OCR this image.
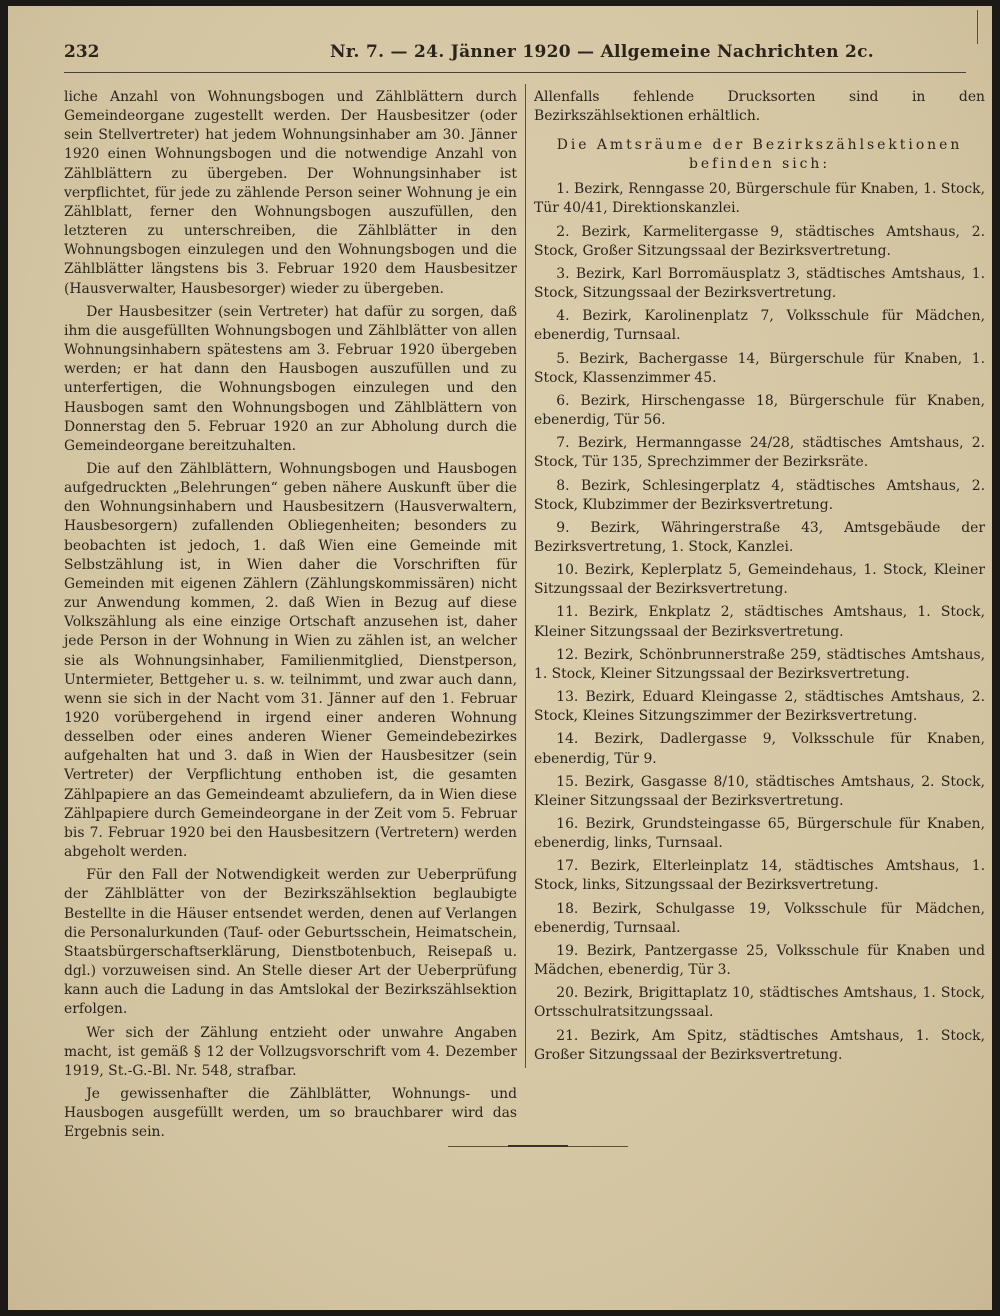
232	Nr. 7. — 24. Jänner 1920 — Allgemeine Nachrichten 2c.

liche Anzahl von Wohnungsbogen und Zählblättern durch Gemeindeorgane zugestellt werden. Der Hausbesitzer (oder sein Stellvertreter) hat jedem Wohnungsinhaber am 30. Jänner 1920 einen Wohnungsbogen und die notwendige Anzahl von Zählblättern zu übergeben. Der Wohnungsinhaber ist verpflichtet, für jede zu zählende Person seiner Wohnung je ein Zählblatt, ferner den Wohnungsbogen auszufüllen, den letzteren zu unterschreiben, die Zählblätter in den Wohnungsbogen einzulegen und den Wohnungsbogen und die Zählblätter längstens bis 3. Februar 1920 dem Hausbesitzer (Hausverwalter, Hausbesorger) wieder zu übergeben.

Der Hausbesitzer (sein Vertreter) hat dafür zu sorgen, daß ihm die ausgefüllten Wohnungsbogen und Zählblätter von allen Wohnungsinhabern spätestens am 3. Februar 1920 übergeben werden; er hat dann den Hausbogen auszufüllen und zu unterfertigen, die Wohnungsbogen einzulegen und den Hausbogen samt den Wohnungsbogen und Zählblättern von Donnerstag den 5. Februar 1920 an zur Abholung durch die Gemeindeorgane bereitzuhalten.

Die auf den Zählblättern, Wohnungsbogen und Hausbogen aufgedruckten „Belehrungen“ geben nähere Auskunft über die den Wohnungsinhabern und Hausbesitzern (Hausverwaltern, Hausbesorgern) zufallenden Obliegenheiten; besonders zu beobachten ist jedoch, 1. daß Wien eine Gemeinde mit Selbstzählung ist, in Wien daher die Vorschriften für Gemeinden mit eigenen Zählern (Zählungskommissären) nicht zur Anwendung kommen, 2. daß Wien in Bezug auf diese Volkszählung als eine einzige Ortschaft anzusehen ist, daher jede Person in der Wohnung in Wien zu zählen ist, an welcher sie als Wohnungsinhaber, Familienmitglied, Dienstperson, Untermieter, Bettgeher u. s. w. teilnimmt, und zwar auch dann, wenn sie sich in der Nacht vom 31. Jänner auf den 1. Februar 1920 vorübergehend in irgend einer anderen Wohnung desselben oder eines anderen Wiener Gemeindebezirkes aufgehalten hat und 3. daß in Wien der Hausbesitzer (sein Vertreter) der Verpflichtung enthoben ist, die gesamten Zählpapiere an das Gemeindeamt abzuliefern, da in Wien diese Zählpapiere durch Gemeindeorgane in der Zeit vom 5. Februar bis 7. Februar 1920 bei den Hausbesitzern (Vertretern) werden abgeholt werden.

Für den Fall der Notwendigkeit werden zur Ueberprüfung der Zählblätter von der Bezirkszählsektion beglaubigte Bestellte in die Häuser entsendet werden, denen auf Verlangen die Personalurkunden (Tauf- oder Geburtsschein, Heimatschein, Staatsbürgerschaftserklärung, Dienstbotenbuch, Reisepaß u. dgl.) vorzuweisen sind. An Stelle dieser Art der Ueberprüfung kann auch die Ladung in das Amtslokal der Bezirkszählsektion erfolgen.

Wer sich der Zählung entzieht oder unwahre Angaben macht, ist gemäß § 12 der Vollzugsvorschrift vom 4. Dezember 1919, St.-G.-Bl. Nr. 548, strafbar.

Je gewissenhafter die Zählblätter, Wohnungs- und Hausbogen ausgefüllt werden, um so brauchbarer wird das Ergebnis sein.

Allenfalls fehlende Drucksorten sind in den Bezirkszählsektionen erhältlich.

Die Amtsräume der Bezirkszählsektionen befinden sich:

1. Bezirk, Renngasse 20, Bürgerschule für Knaben, 1. Stock, Tür 40/41, Direktionskanzlei.

2. Bezirk, Karmelitergasse 9, städtisches Amtshaus, 2. Stock, Großer Sitzungssaal der Bezirksvertretung.

3. Bezirk, Karl Borromäusplatz 3, städtisches Amtshaus, 1. Stock, Sitzungssaal der Bezirksvertretung.

4. Bezirk, Karolinenplatz 7, Volksschule für Mädchen, ebenerdig, Turnsaal.

5. Bezirk, Bachergasse 14, Bürgerschule für Knaben, 1. Stock, Klassenzimmer 45.

6. Bezirk, Hirschengasse 18, Bürgerschule für Knaben, ebenerdig, Tür 56.

7. Bezirk, Hermanngasse 24/28, städtisches Amtshaus, 2. Stock, Tür 135, Sprechzimmer der Bezirksräte.

8. Bezirk, Schlesingerplatz 4, städtisches Amtshaus, 2. Stock, Klubzimmer der Bezirksvertretung.

9. Bezirk, Währingerstraße 43, Amtsgebäude der Bezirksvertretung, 1. Stock, Kanzlei.

10. Bezirk, Keplerplatz 5, Gemeindehaus, 1. Stock, Kleiner Sitzungssaal der Bezirksvertretung.

11. Bezirk, Enkplatz 2, städtisches Amtshaus, 1. Stock, Kleiner Sitzungssaal der Bezirksvertretung.

12. Bezirk, Schönbrunnerstraße 259, städtisches Amtshaus, 1. Stock, Kleiner Sitzungssaal der Bezirksvertretung.

13. Bezirk, Eduard Kleingasse 2, städtisches Amtshaus, 2. Stock, Kleines Sitzungszimmer der Bezirksvertretung.

14. Bezirk, Dadlergasse 9, Volksschule für Knaben, ebenerdig, Tür 9.

15. Bezirk, Gasgasse 8/10, städtisches Amtshaus, 2. Stock, Kleiner Sitzungssaal der Bezirksvertretung.

16. Bezirk, Grundsteingasse 65, Bürgerschule für Knaben, ebenerdig, links, Turnsaal.

17. Bezirk, Elterleinplatz 14, städtisches Amtshaus, 1. Stock, links, Sitzungssaal der Bezirksvertretung.

18. Bezirk, Schulgasse 19, Volksschule für Mädchen, ebenerdig, Turnsaal.

19. Bezirk, Pantzergasse 25, Volksschule für Knaben und Mädchen, ebenerdig, Tür 3.

20. Bezirk, Brigittaplatz 10, städtisches Amtshaus, 1. Stock, Ortsschulratsitzungssaal.

21. Bezirk, Am Spitz, städtisches Amtshaus, 1. Stock, Großer Sitzungssaal der Bezirksvertretung.
